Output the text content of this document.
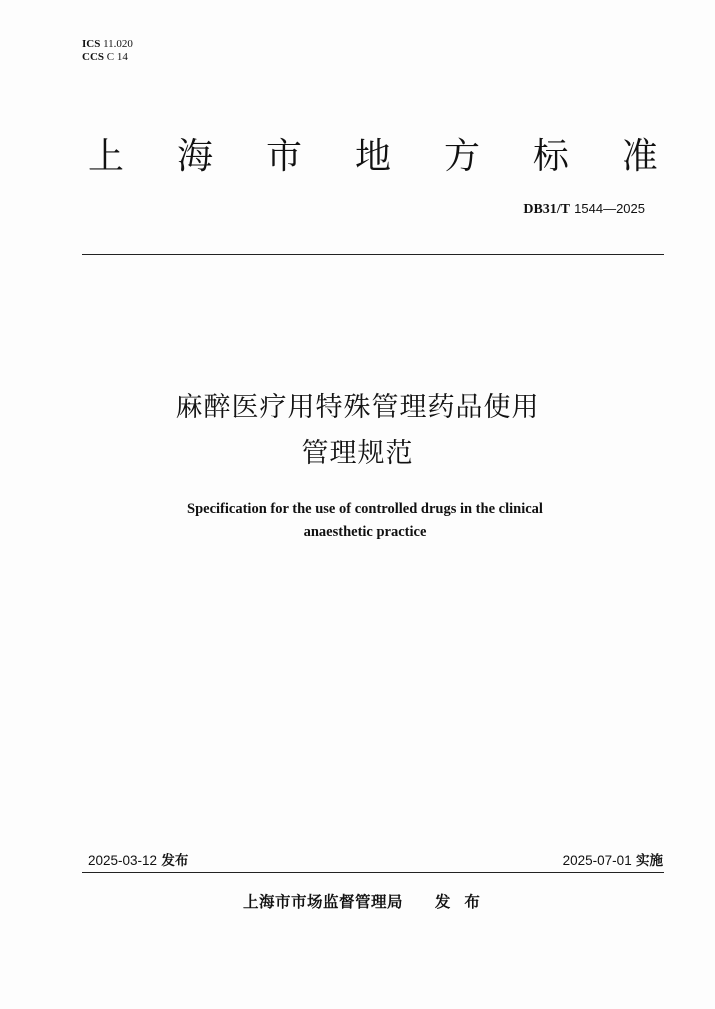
ICS 11.020
CCS C 14
上 海 市 地 方 标 准
DB31/T 1544—2025
麻醉医疗用特殊管理药品使用
管理规范
Specification for the use of controlled drugs in the clinical
anaesthetic practice
2025-03-12 发布	2025-07-01 实施
上海市市场监督管理局 发布
